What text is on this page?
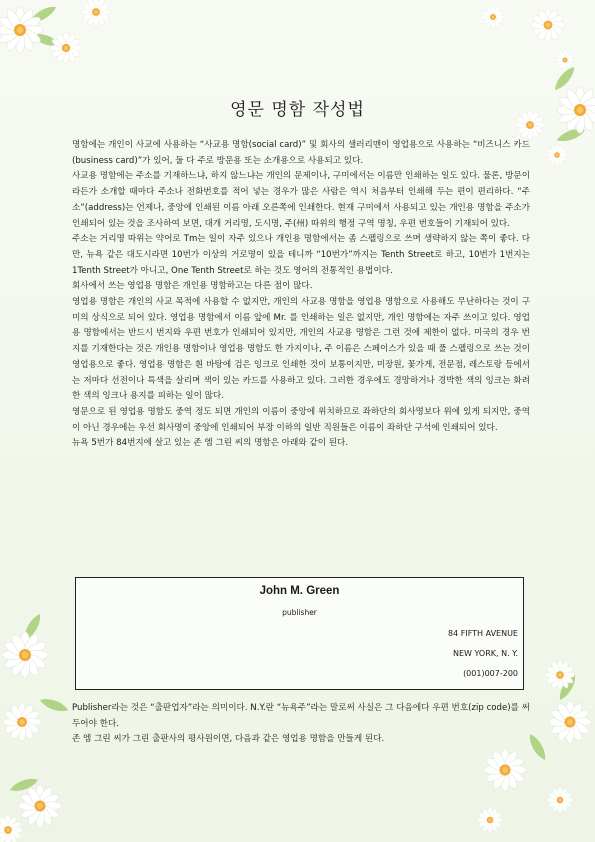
영문 명함 작성법

명함에는 개인이 사교에 사용하는 “사교용 명함(social card)” 및 회사의 샐러리맨이 영업용으로 사용하는 “비즈니스 카드(business card)”가 있어, 둘 다 주로 방문용 또는 소개용으로 사용되고 있다.

사교용 명함에는 주소를 기재하느냐, 하지 않느냐는 개인의 문제이나, 구미에서는 이름만 인쇄하는 일도 있다. 물론, 방문이라든가 소개할 때마다 주소나 전화번호를 적어 넣는 경우가 많은 사람은 역시 처음부터 인쇄해 두는 편이 편리하다. “주소”(address)는 언제나, 중앙에 인쇄된 이름 아래 오른쪽에 인쇄한다. 현재 구미에서 사용되고 있는 개인용 명함을 주소가 인쇄되어 있는 것을 조사하여 보면, 대개 거리명, 도시명, 주(州) 따위의 행정 구역 명칭, 우편 번호들이 기재되어 있다.

주소는 거리명 따위는 약어로 Tm는 일이 자주 있으나 개인용 명함에서는 좀 스펠링으로 쓰며 생략하지 않는 쪽이 좋다. 다만, 뉴욕 같은 대도시라면 10번가 이상의 거로명이 있을 테니까 “10번가”까지는 Tenth Street로 하고, 10번가 1번지는 1Tenth Street가 아니고, One Tenth Street로 하는 것도 영어의 전통적인 용법이다.

회사에서 쓰는 영업용 명함은 개인용 명함하고는 다른 점이 많다.

영업용 명함은 개인의 사교 목적에 사용할 수 없지만, 개인의 사교용 명함을 영업용 명함으로 사용해도 무난하다는 것이 구미의 상식으로 되어 있다. 영업용 명함에서 이름 앞에 Mr. 를 인쇄하는 일은 없지만, 개인 명함에는 자주 쓰이고 있다. 영업용 명함에서는 반드시 번지와 우편 번호가 인쇄되어 있지만, 개인의 사교용 명함은 그런 것에 제한이 없다. 미국의 경우 번지를 기재한다는 것은 개인용 명함이나 영업용 명함도 한 가지이나, 주 이름은 스페이스가 있을 때 풀 스펠링으로 쓰는 것이 영업용으로 좋다. 영업용 명함은 흰 바탕에 검은 잉크로 인쇄한 것이 보통이지만, 미장원, 꽃가게, 전문점, 레스토랑 등에서는 저마다 선전이나 특색을 살리며 색이 있는 카드를 사용하고 있다. 그러한 경우에도 경망하거나 경박한 색의 잉크는 화려한 색의 잉크나 용지를 피하는 일이 많다.

영문으로 된 영업용 명함도 중역 정도 되면 개인의 이름이 중앙에 위치하므로 좌하단의 회사명보다 위에 있게 되지만, 중역이 아닌 경우에는 우선 회사명이 중앙에 인쇄되어 부장 이하의 일반 직원들은 이름이 좌하단 구석에 인쇄되어 있다.

뉴욕 5번가 84번지에 살고 있는 존 엠 그린 씨의 명함은 아래와 같이 된다.

John M. Green
publisher
84 FIFTH AVENUE
NEW YORK, N. Y.
(001)007-200

Publisher라는 것은 “출판업자”라는 의미이다. N.Y.란 “뉴욕주”라는 말로써 사실은 그 다음에다 우편 번호(zip code)를 써 두어야 한다.

존 엠 그린 씨가 그린 출판사의 평사원이면, 다음과 같은 영업용 명함을 만들게 된다.
